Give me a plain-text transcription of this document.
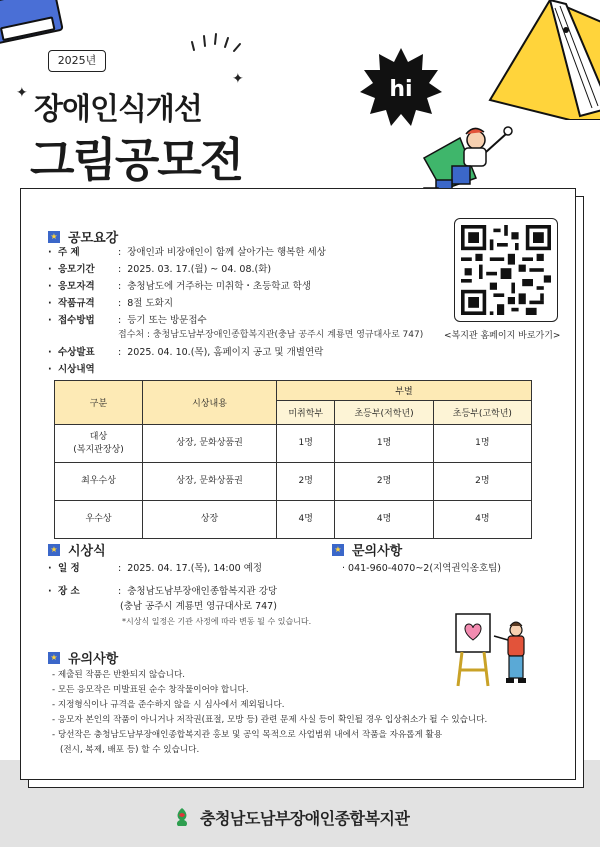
✦
✦
2025년
장애인식개선
그림공모전
hi
★ 공모요강
· 주 제	:  장애인과 비장애인이 함께 살아가는 행복한 세상
· 응모기간 :  2025. 03. 17.(월) ~ 04. 08.(화)
· 응모자격 :  충청남도에 거주하는 미취학・초등학교 학생
· 작품규격 :  8절 도화지
· 접수방법 :  등기 또는 방문접수
접수처 : 충청남도남부장애인종합복지관(충남 공주시 계룡면 영규대사로 747)
· 수상발표 :  2025. 04. 10.(목), 홈페이지 공고 및 개별연락
· 시상내역
<복지관 홈페이지 바로가기>
구분	시상내용	부별		
		미취학부	초등부(저학년)	초등부(고학년)
대상
(복지관장상)	상장, 문화상품권	1명	1명	1명
최우수상	상장, 문화상품권	2명	2명	2명
우수상	상장	4명	4명	4명
★ 시상식
· 일 정	:  2025. 04. 17.(목), 14:00 예정
· 장 소	:  충청남도남부장애인종합복지관 강당
(충남 공주시 계룡면 영규대사로 747)
*시상식 일정은 기관 사정에 따라 변동 될 수 있습니다.
★ 문의사항
· 041-960-4070~2(지역권익옹호팀)
★ 유의사항
- 제출된 작품은 반환되지 않습니다.
- 모든 응모작은 미발표된 순수 창작물이어야 합니다.
- 지정형식이나 규격을 준수하지 않을 시 심사에서 제외됩니다.
- 응모자 본인의 작품이 아니거나 저작권(표절, 모방 등) 관련 문제 사실 등이 확인될 경우 입상취소가 될 수 있습니다.
- 당선작은 충청남도남부장애인종합복지관 홍보 및 공익 목적으로 사업범위 내에서 작품을 자유롭게 활용
(전시, 복제, 배포 등) 할 수 있습니다.
충청남도남부장애인종합복지관
